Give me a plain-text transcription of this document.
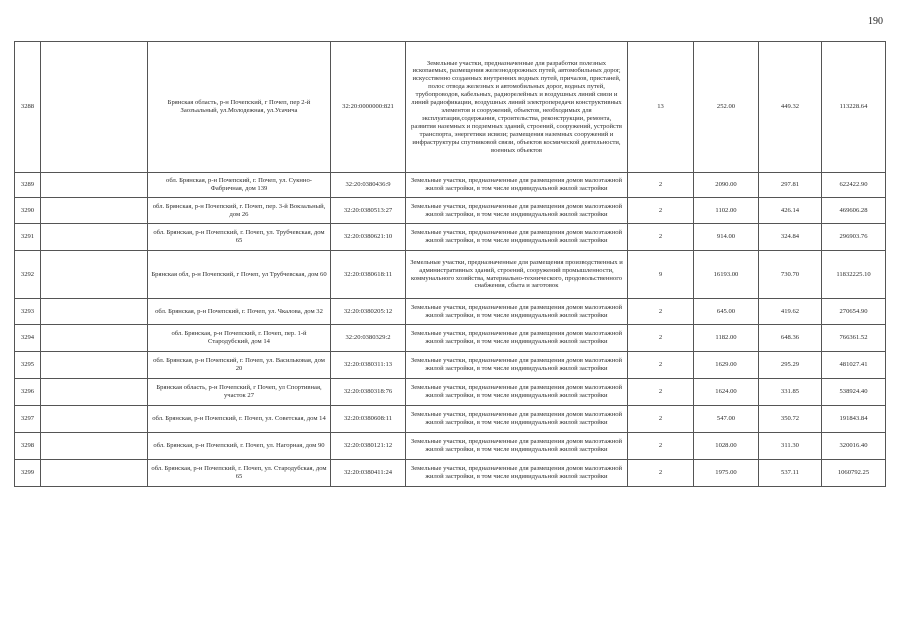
190
3288		Брянская область, р-н Почепский, г Почеп, пер 2-й Заозъальный, ул.Молодежная, ул.Усачича	32:20:0000000:821	Земельные участки, предназначенные для разработки полезных ископаемых, размещения железнодорожных путей, автомобильных дорог, искусственно созданных внутренних водных путей, причалов, пристаней, полос отвода железных и автомобильных дорог, водных путей, трубопроводов, кабельных, радиорелейных и воздушных линий связи и линий радиофикации, воздушных линий электропередачи конструктивных элементов и сооружений, объектов, необходимых для эксплуатации,содержания, строительства, реконструкции, ремонта, развития наземных и подземных зданий, строений, сооружений, устройств транспорта, энергетики исвязи; размещения наземных сооружений и инфраструктуры спутниковой связи, объектов космической деятельности, военных объектов	13	252.00	449.32	113228.64
3289		обл. Брянская, р-н Почепский, г. Почеп, ул. Сукнно-Фабричная, дом 139	32:20:0380436:9	Земельные участки, предназначенные для размещения домов малоэтажной жилой застройки, в том числе индивидуальной жилой застройки	2	2090.00	297.81	622422.90
3290		обл. Брянская, р-н Почепский, г. Почеп, пер. 3-й Вокзальный, дом 26	32:20:0380513:27	Земельные участки, предназначенные для размещения домов малоэтажной жилой застройки, в том числе индивидуальной жилой застройки	2	1102.00	426.14	469606.28
3291		обл. Брянская, р-н Почепский, г. Почеп, ул. Трубчевская, дом 65	32:20:0380621:10	Земельные участки, предназначенные для размещения домов малоэтажной жилой застройки, в том числе индивидуальной жилой застройки	2	914.00	324.84	296903.76
3292		Брянская обл, р-н Почепский, г Почеп, ул Трубчевская, дом 60	32:20:0380618:11	Земельные участки, предназначенные для размещения производственных и административных зданий, строений, сооружений промышленности, коммунального хозяйства, материально-технического, продовольственного снабжения, сбыта и заготовок	9	16193.00	730.70	11832225.10
3293		обл. Брянская, р-н Почепский, г. Почеп, ул. Чкалова, дом 32	32:20:0380205:12	Земельные участки, предназначенные для размещения домов малоэтажной жилой застройки, в том числе индивидуальной жилой застройки	2	645.00	419.62	270654.90
3294		обл. Брянская, р-н Почепский, г. Почеп, пер. 1-й Стародубский, дом 14	32:20:0380329:2	Земельные участки, предназначенные для размещения домов малоэтажной жилой застройки, в том числе индивидуальной жилой застройки	2	1182.00	648.36	766361.52
3295		обл. Брянская, р-н Почепский, г. Почеп, ул. Васильковая, дом 20	32:20:0380311:13	Земельные участки, предназначенные для размещения домов малоэтажной жилой застройки, в том числе индивидуальной жилой застройки	2	1629.00	295.29	481027.41
3296		Брянская область, р-н Почепский, г Почеп, ул Спортивная, участок 27	32:20:0380318:76	Земельные участки, предназначенные для размещения домов малоэтажной жилой застройки, в том числе индивидуальной жилой застройки	2	1624.00	331.85	538924.40
3297		обл. Брянская, р-н Почепский, г. Почеп, ул. Советская, дом 14	32:20:0380608:11	Земельные участки, предназначенные для размещения домов малоэтажной жилой застройки, в том числе индивидуальной жилой застройки	2	547.00	350.72	191843.84
3298		обл. Брянская, р-н Почепский, г. Почеп, ул. Нагорная, дом 90	32:20:0380121:12	Земельные участки, предназначенные для размещения домов малоэтажной жилой застройки, в том числе индивидуальной жилой застройки	2	1028.00	311.30	320016.40
3299		обл. Брянская, р-н Почепский, г. Почеп, ул. Стародубская, дом 65	32:20:0380411:24	Земельные участки, предназначенные для размещения домов малоэтажной жилой застройки, в том числе индивидуальной жилой застройки	2	1975.00	537.11	1060792.25
